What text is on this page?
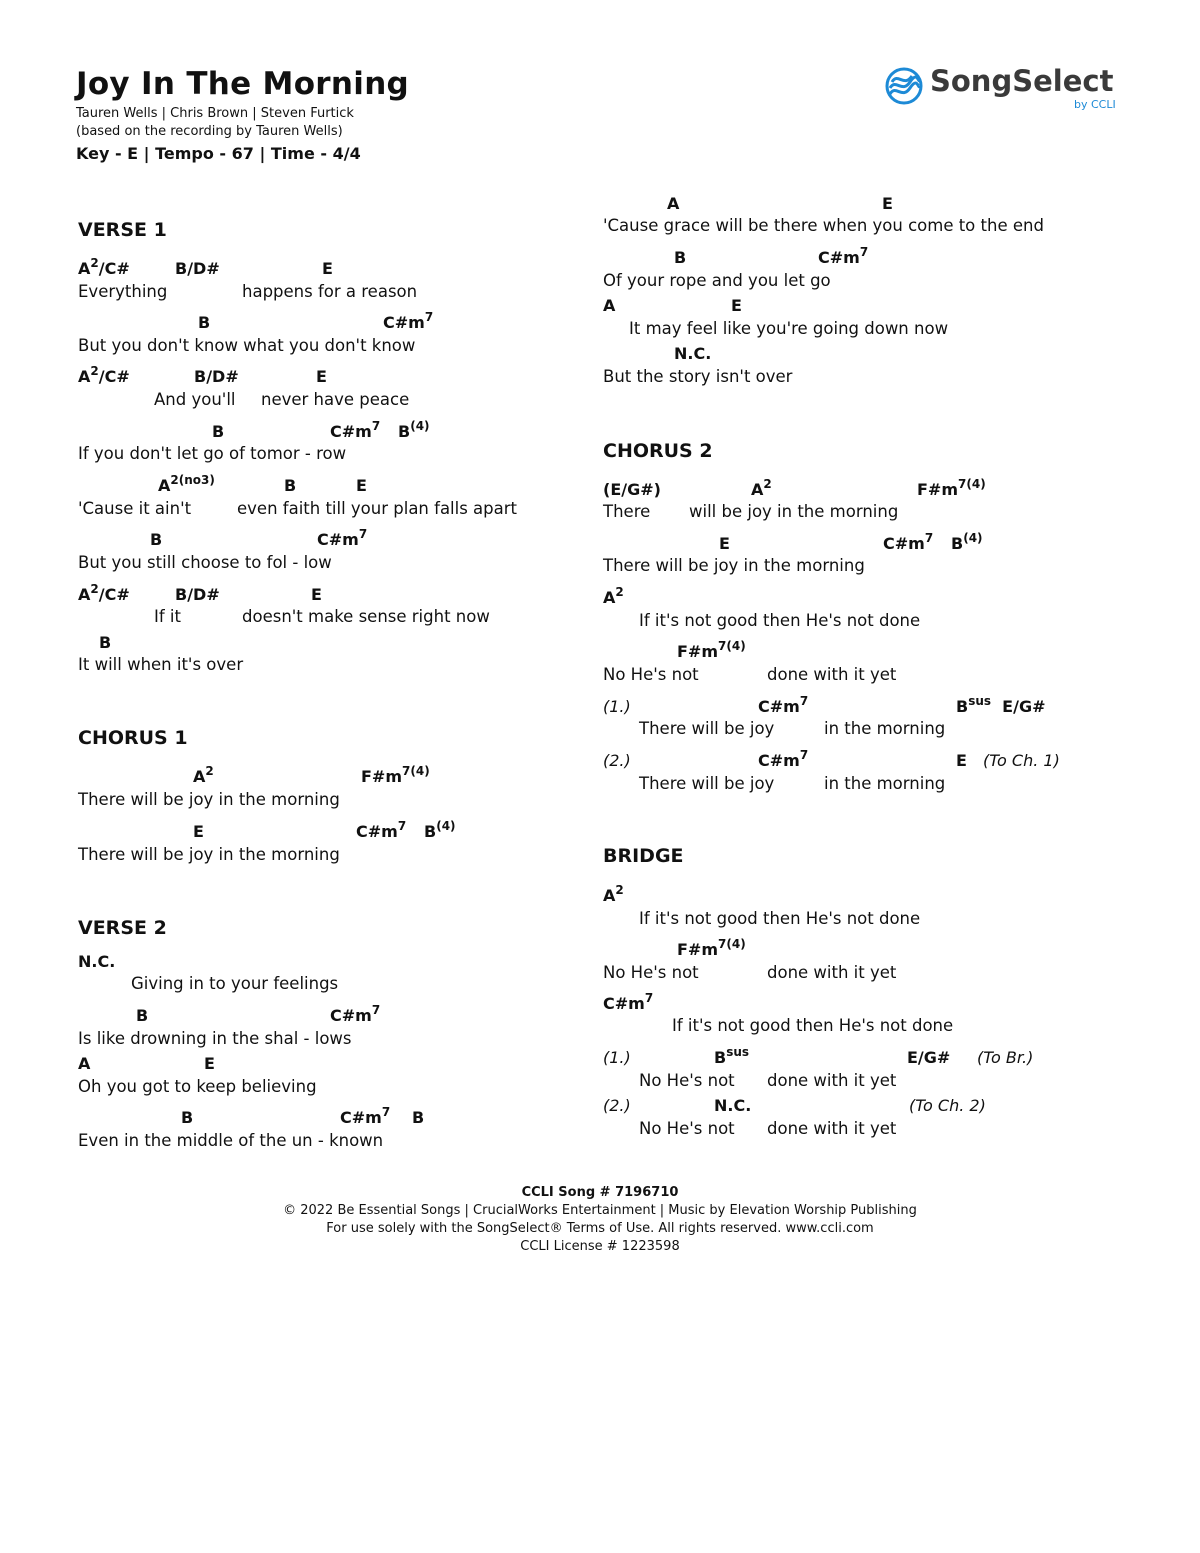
Joy In The Morning
Tauren Wells | Chris Brown | Steven Furtick
(based on the recording by Tauren Wells)
Key - E | Tempo - 67 | Time - 4/4
SongSelect
by CCLI
VERSE 1
$A^2/C\#$	B/D#	E
Everything	happens for a reason
B	$C\#m^7$
But you don't know what you don't know
$A^2/C\#$	B/D#	E
And you'll never have peace
B	$C\#m^7$ $B^{(4)}$
If you don't let go of tomor - row
$A^{2(no3)}$	B	E
'Cause it ain't	even faith till your plan falls apart
B	$C\#m^7$
But you still choose to fol - low
$A^2/C\#$	B/D#	E
If it	doesn't make sense right now
B
It will when it's over
CHORUS 1
$A^2$	$F\#m^{7(4)}$
There will be joy in the morning
E	$C\#m^7$ $B^{(4)}$
There will be joy in the morning
VERSE 2
N.C.
Giving in to your feelings
B	$C\#m^7$
Is like drowning in the shal - lows
A	E
Oh you got to keep believing
B	$C\#m^7$ B
Even in the middle of the un - known
A	E
'Cause grace will be there when you come to the end
B	$C\#m^7$
Of your rope and you let go
A	E
It may feel like you're going down now
N.C.
But the story isn't over
CHORUS 2
(E/G#)	$A^2$	$F\#m^{7(4)}$
There will be joy in the morning
E	$C\#m^7$ $B^{(4)}$
There will be joy in the morning
$A^2$
If it's not good then He's not done
$F\#m^{7(4)}$
No He's not	done with it yet
(1.)	$C\#m^7$	$B^{sus}$  E/G#
There will be joy	in the morning
(2.)	$C\#m^7$	E (To Ch. 1)
There will be joy	in the morning
BRIDGE
$A^2$
If it's not good then He's not done
$F\#m^{7(4)}$
No He's not	done with it yet
$C\#m^7$
If it's not good then He's not done
(1.)	$B^{sus}$	E/G# (To Br.)
No He's not done with it yet
(2.)	N.C.	(To Ch. 2)
No He's not done with it yet
CCLI Song # 7196710
© 2022 Be Essential Songs | CrucialWorks Entertainment | Music by Elevation Worship Publishing
For use solely with the SongSelect® Terms of Use. All rights reserved. www.ccli.com
CCLI License # 1223598
